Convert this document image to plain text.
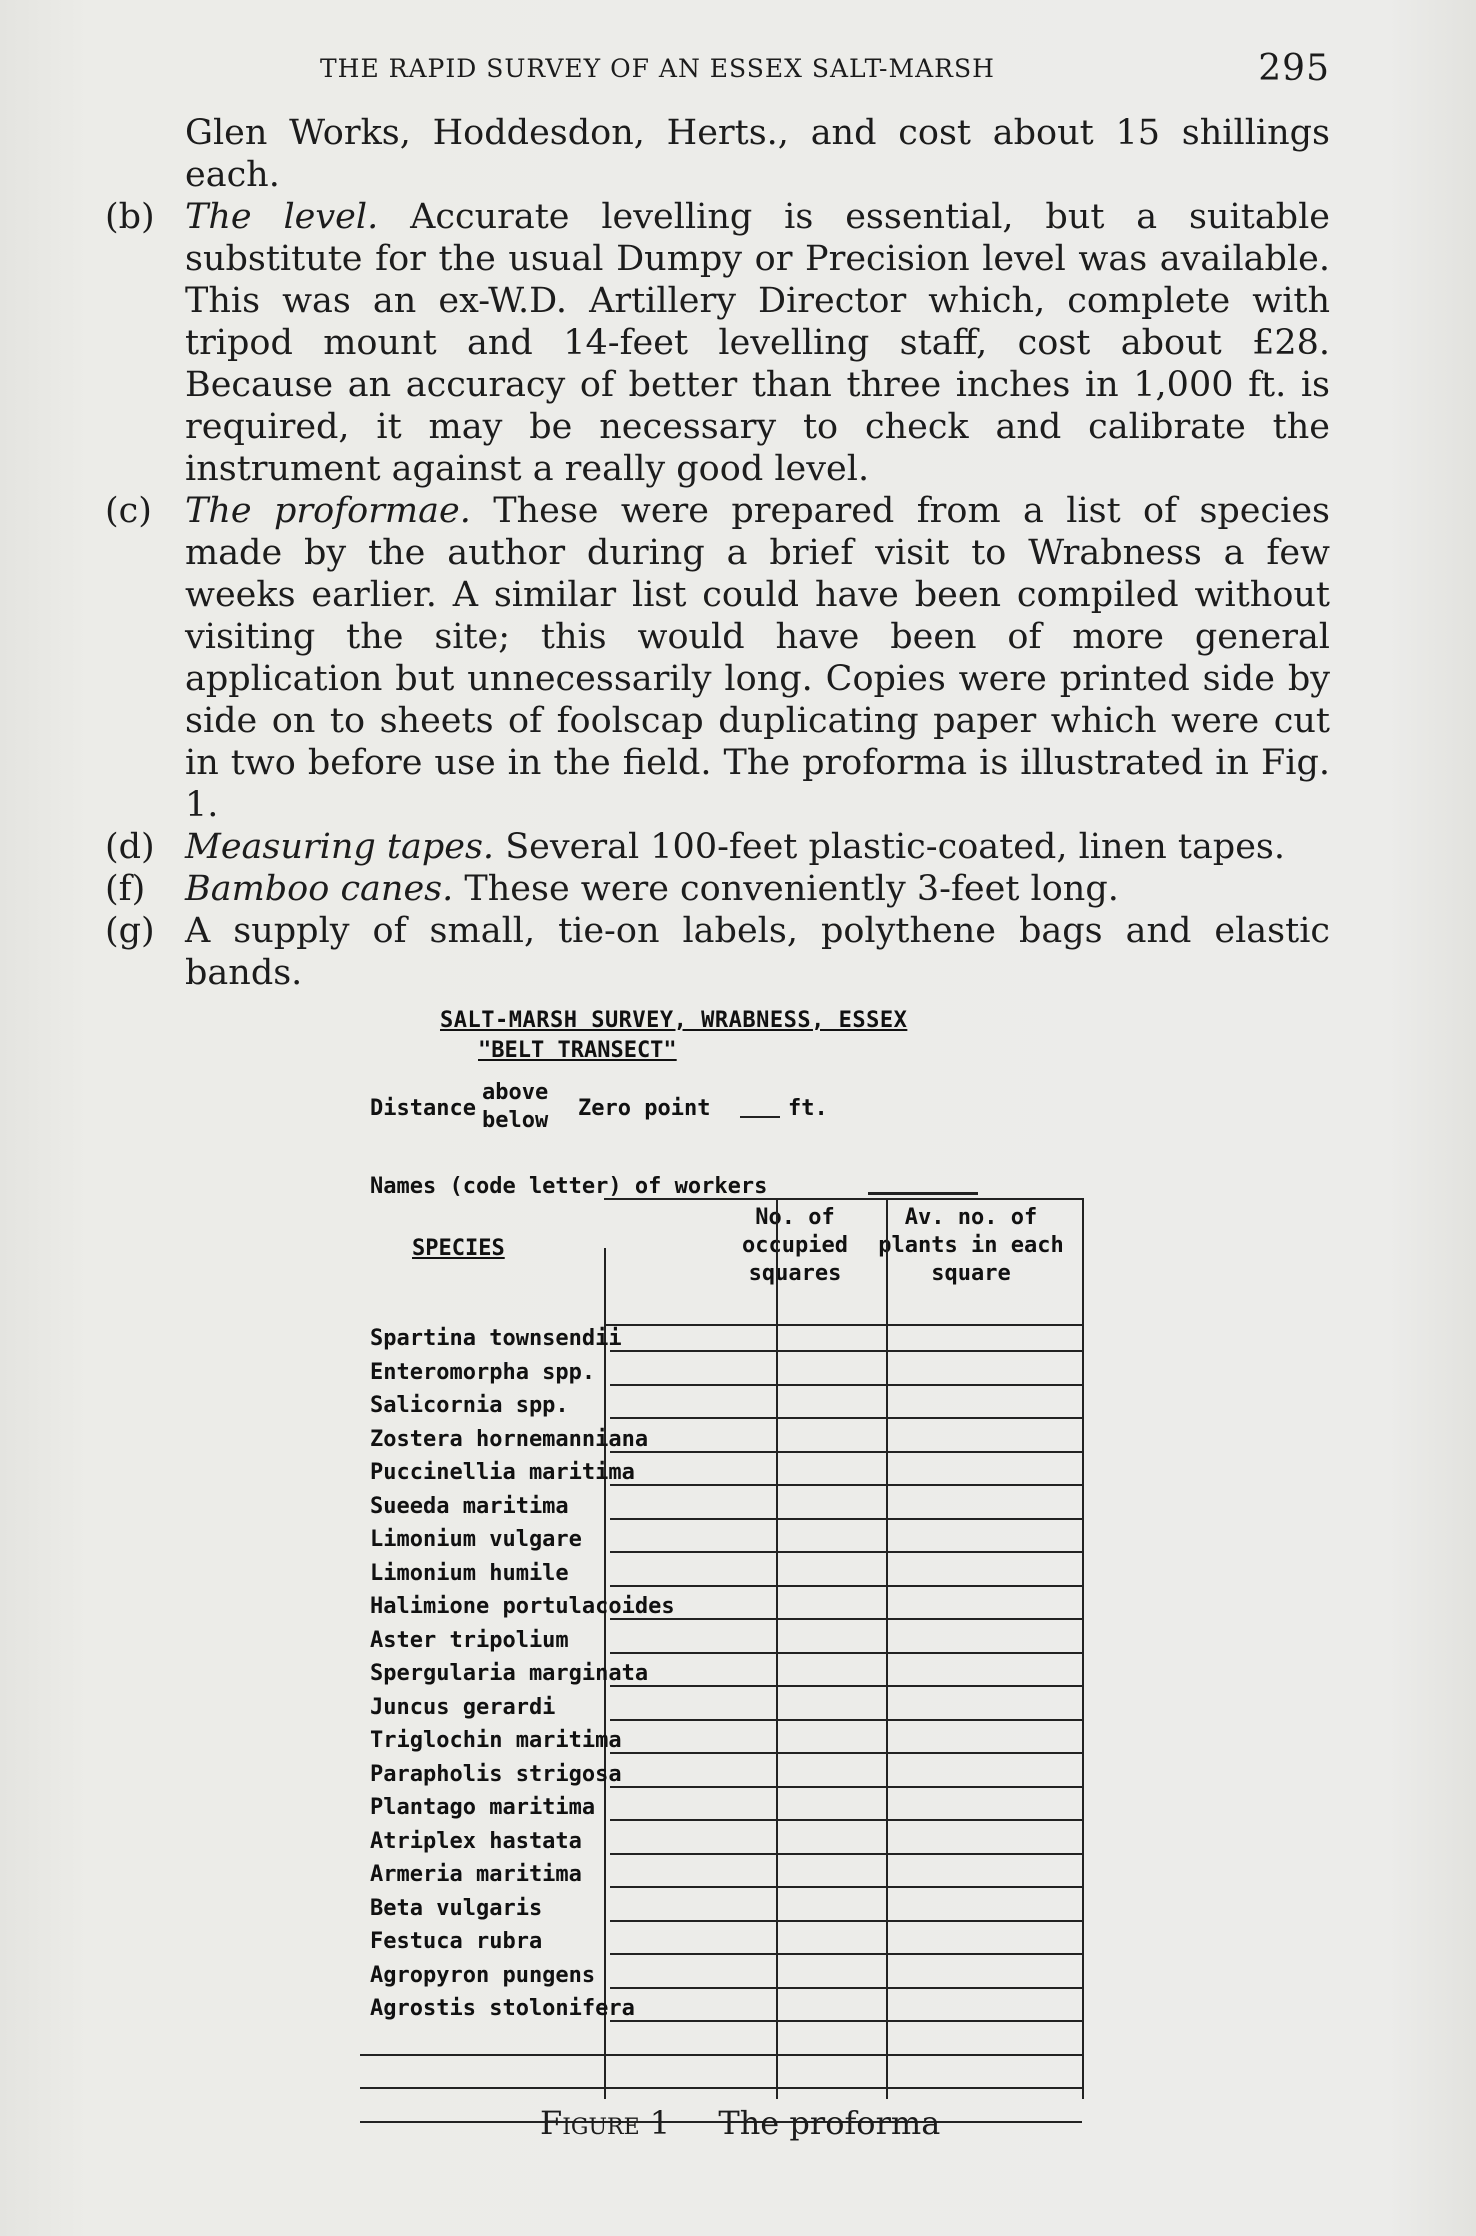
THE RAPID SURVEY OF AN ESSEX SALT-MARSH	295

Glen Works, Hoddesdon, Herts., and cost about 15 shillings each.

(b) The level. Accurate levelling is essential, but a suitable substitute for the usual Dumpy or Precision level was available. This was an ex-W.D. Artillery Director which, complete with tripod mount and 14-feet levelling staff, cost about £28. Because an accuracy of better than three inches in 1,000 ft. is required, it may be necessary to check and calibrate the instrument against a really good level.

(c) The proformae. These were prepared from a list of species made by the author during a brief visit to Wrabness a few weeks earlier. A similar list could have been compiled without visiting the site; this would have been of more general application but unnecessarily long. Copies were printed side by side on to sheets of foolscap duplicating paper which were cut in two before use in the field. The proforma is illustrated in Fig. 1.

(d) Measuring tapes. Several 100-feet plastic-coated, linen tapes.

(f) Bamboo canes. These were conveniently 3-feet long.

(g) A supply of small, tie-on labels, polythene bags and elastic bands.

SALT-MARSH SURVEY, WRABNESS, ESSEX
"BELT TRANSECT"
Distance
above
below Zero point	ft.
Names (code letter) of workers
SPECIES
No. of occupied squares
Av. no. of plants in each square
Spartina townsendii
Enteromorpha spp.
Salicornia spp.
Zostera hornemanniana
Puccinellia maritima
Sueeda maritima
Limonium vulgare
Limonium humile
Halimione portulacoides
Aster tripolium
Spergularia marginata
Juncus gerardi
Triglochin maritima
Parapholis strigosa
Plantago maritima
Atriplex hastata
Armeria maritima
Beta vulgaris
Festuca rubra
Agropyron pungens
Agrostis stolonifera
Figure 1 The proforma
